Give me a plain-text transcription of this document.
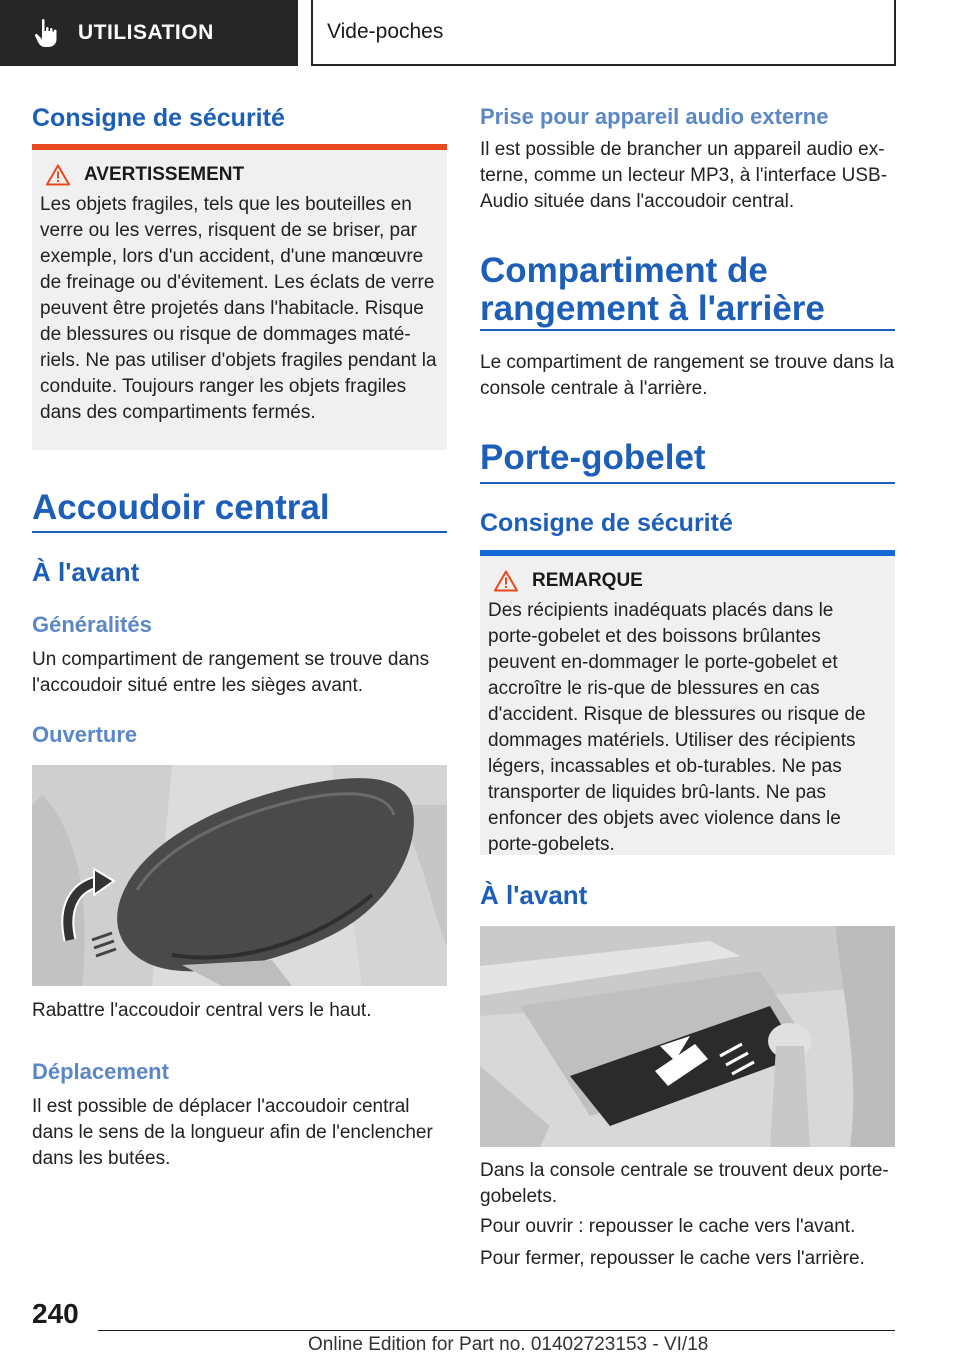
UTILISATION	Vide-poches
Consigne de sécurité
AVERTISSEMENT
Les objets fragiles, tels que les bouteilles en verre ou les verres, risquent de se briser, par exemple, lors d'un accident, d'une manœuvre de freinage ou d'évitement. Les éclats de verre peuvent être projetés dans l'habitacle. Risque de blessures ou risque de dommages maté-riels. Ne pas utiliser d'objets fragiles pendant la conduite. Toujours ranger les objets fragiles dans des compartiments fermés.
Accoudoir central
À l'avant
Généralités
Un compartiment de rangement se trouve dans l'accoudoir situé entre les sièges avant.
Ouverture
Rabattre l'accoudoir central vers le haut.
Déplacement
Il est possible de déplacer l'accoudoir central dans le sens de la longueur afin de l'enclencher dans les butées.
Prise pour appareil audio externe
Il est possible de brancher un appareil audio ex-terne, comme un lecteur MP3, à l'interface USB-Audio située dans l'accoudoir central.
Compartiment de rangement à l'arrière
Le compartiment de rangement se trouve dans la console centrale à l'arrière.
Porte-gobelet
Consigne de sécurité
REMARQUE
Des récipients inadéquats placés dans le porte-gobelet et des boissons brûlantes peuvent en-dommager le porte-gobelet et accroître le ris-que de blessures en cas d'accident. Risque de blessures ou risque de dommages matériels. Utiliser des récipients légers, incassables et ob-turables. Ne pas transporter de liquides brû-lants. Ne pas enfoncer des objets avec violence dans le porte-gobelets.
À l'avant
Dans la console centrale se trouvent deux porte-gobelets.
Pour ouvrir : repousser le cache vers l'avant.
Pour fermer, repousser le cache vers l'arrière.
240
Online Edition for Part no. 01402723153 - VI/18
